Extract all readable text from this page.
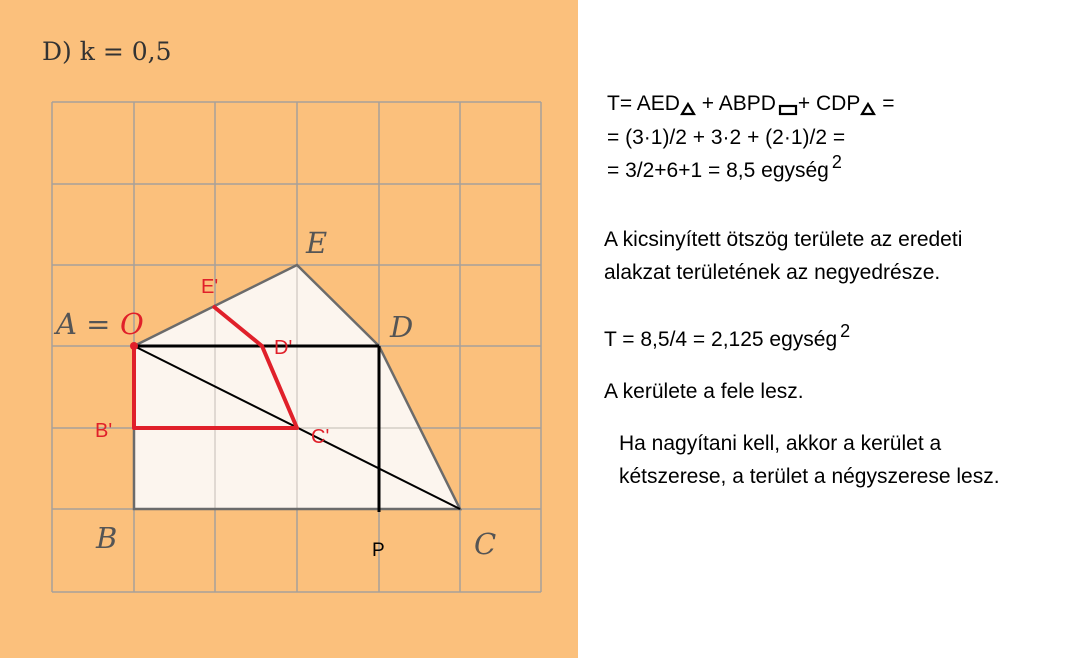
D) k = 0,5
A = O
B	C
D
E
P
E'
D'
C'
B'
T= AED + ABPD + CDP =
= (3·1)/2 + 3·2 + (2·1)/2 =
= 3/2+6+1 = 8,5 egység 2
A kicsinyített ötszög területe az eredeti
alakzat területének az negyedrésze.
T = 8,5/4 = 2,125 egység 2
A kerülete a fele lesz.
Ha nagyítani kell, akkor a kerület a
kétszerese, a terület a négyszerese lesz.
